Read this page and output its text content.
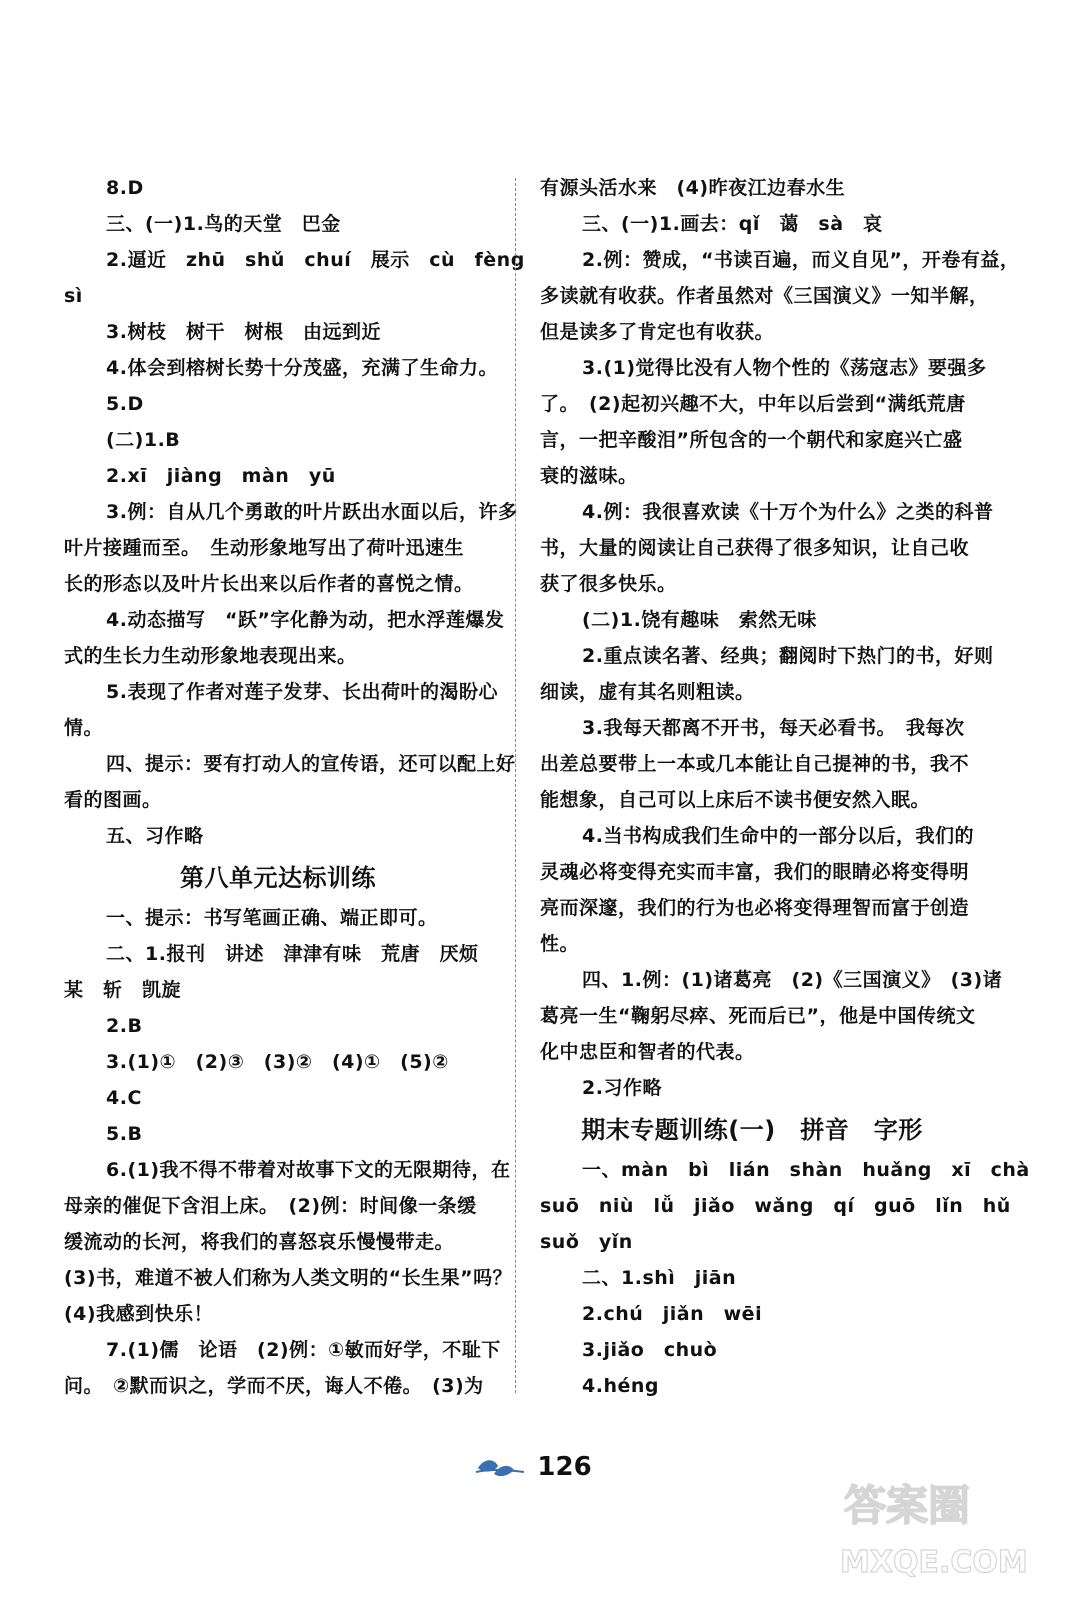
8.D
三、(一)1.鸟的天堂　巴金
2.逼近　zhū　shǔ　chuí　展示　cù　fèng
sì
3.树枝　树干　树根　由远到近
4.体会到榕树长势十分茂盛，充满了生命力。
5.D
(二)1.B
2.xī　jiàng　màn　yū
3.例：自从几个勇敢的叶片跃出水面以后，许多
叶片接踵而至。　生动形象地写出了荷叶迅速生
长的形态以及叶片长出来以后作者的喜悦之情。
4.动态描写　“跃”字化静为动，把水浮莲爆发
式的生长力生动形象地表现出来。
5.表现了作者对莲子发芽、长出荷叶的渴盼心
情。
四、提示：要有打动人的宣传语，还可以配上好
看的图画。
五、习作略
第八单元达标训练
一、提示：书写笔画正确、端正即可。
二、1.报刊　讲述　津津有味　荒唐　厌烦
某　斩　凯旋
2.B
3.(1)①　(2)③　(3)②　(4)①　(5)②
4.C
5.B
6.(1)我不得不带着对故事下文的无限期待，在
母亲的催促下含泪上床。　(2)例：时间像一条缓
缓流动的长河，将我们的喜怒哀乐慢慢带走。
(3)书，难道不被人们称为人类文明的“长生果”吗？
(4)我感到快乐！
7.(1)儒　论语　(2)例：①敏而好学，不耻下
问。　②默而识之，学而不厌，诲人不倦。　(3)为
有源头活水来　(4)昨夜江边春水生
三、(一)1.画去：qǐ　蔼　sà　哀
2.例：赞成，“书读百遍，而义自见”，开卷有益，
多读就有收获。作者虽然对《三国演义》一知半解，
但是读多了肯定也有收获。
3.(1)觉得比没有人物个性的《荡寇志》要强多
了。　(2)起初兴趣不大，中年以后尝到“满纸荒唐
言，一把辛酸泪”所包含的一个朝代和家庭兴亡盛
衰的滋味。
4.例：我很喜欢读《十万个为什么》之类的科普
书，大量的阅读让自己获得了很多知识，让自己收
获了很多快乐。
(二)1.饶有趣味　索然无味
2.重点读名著、经典；翻阅时下热门的书，好则
细读，虚有其名则粗读。
3.我每天都离不开书，每天必看书。　我每次
出差总要带上一本或几本能让自己提神的书，我不
能想象，自己可以上床后不读书便安然入眠。
4.当书构成我们生命中的一部分以后，我们的
灵魂必将变得充实而丰富，我们的眼睛必将变得明
亮而深邃，我们的行为也必将变得理智而富于创造
性。
四、1.例：(1)诸葛亮　(2)《三国演义》　(3)诸
葛亮一生“鞠躬尽瘁、死而后已”，他是中国传统文
化中忠臣和智者的代表。
2.习作略
期末专题训练(一)　拼音　字形
一、màn　bì　lián　shàn　huǎng　xī　chà
suō　niù　lǚ　jiǎo　wǎng　qí　guō　lǐn　hǔ
suǒ　yǐn
二、1.shì　jiān
2.chú　jiǎn　wēi
3.jiǎo　chuò
4.héng
126
答案圈
MXQE.COM
